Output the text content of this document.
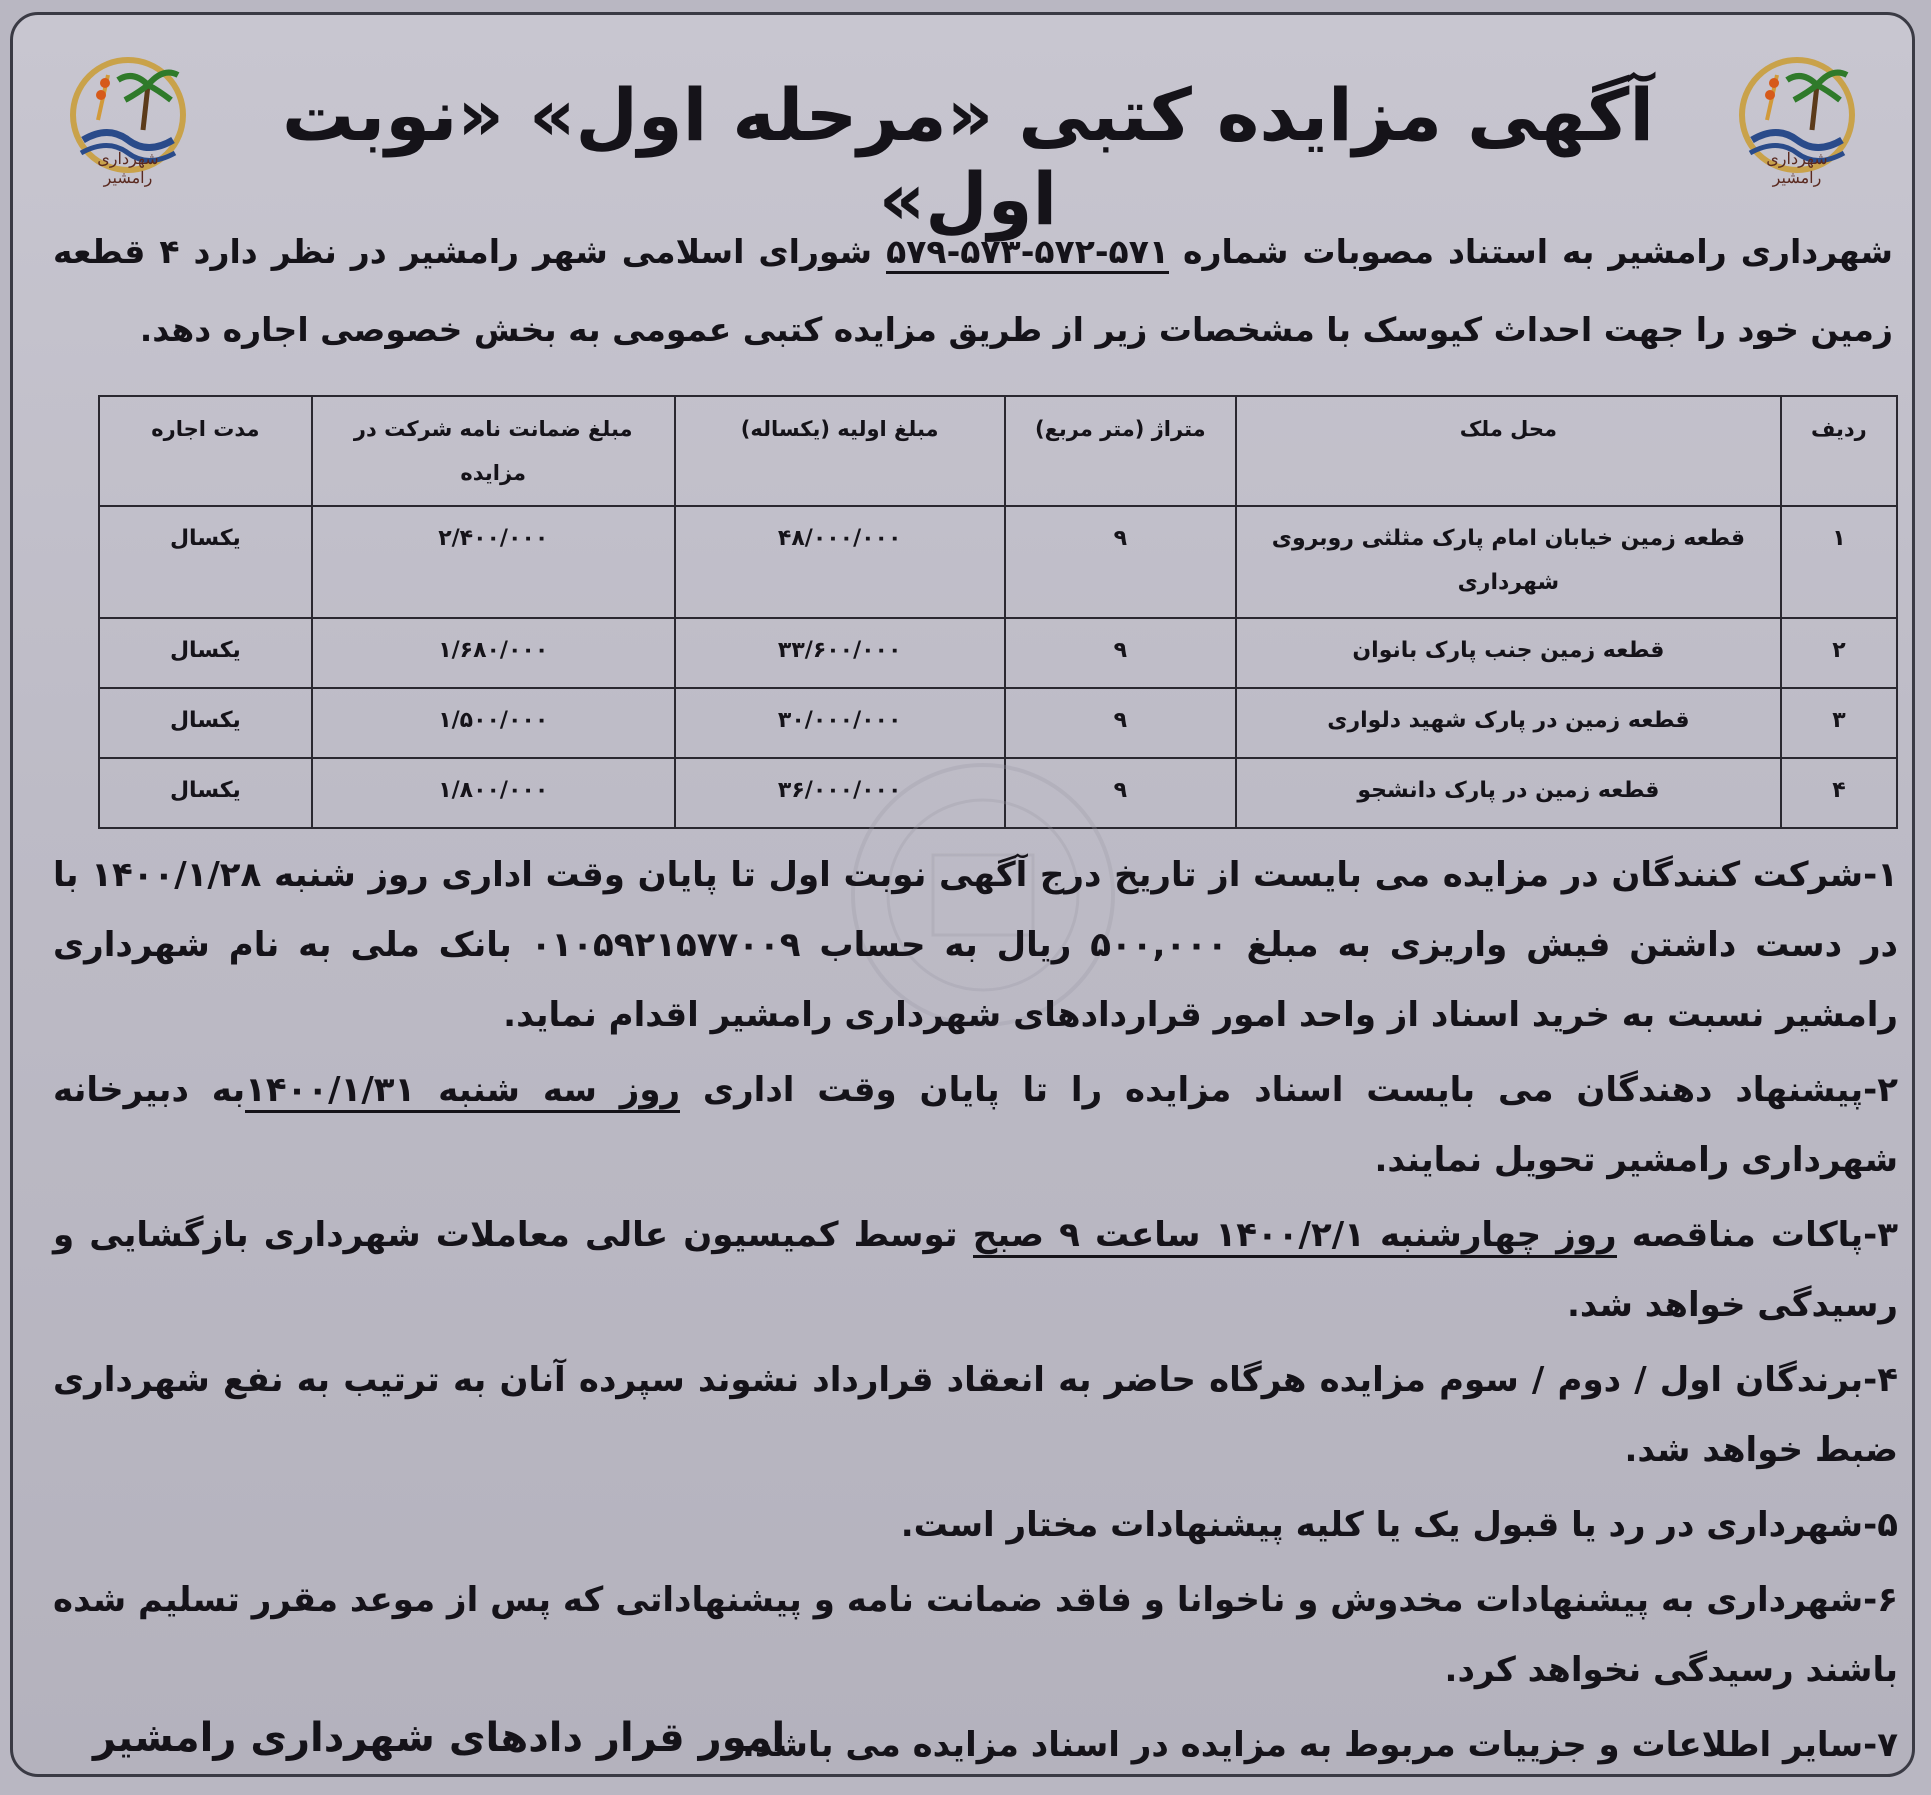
شهرداری رامشیر
شهرداری رامشیر
آگهی مزایده کتبی «مرحله اول» «نوبت اول»
شهرداری رامشیر به استناد مصوبات شماره ۵۷۱-۵۷۲-۵۷۳-۵۷۹ شورای اسلامی شهر رامشیر در نظر دارد ۴ قطعه زمین خود را جهت احداث کیوسک با مشخصات زیر از طریق مزایده کتبی عمومی به بخش خصوصی اجاره دهد.
ردیف	محل ملک	متراژ (متر مربع)	مبلغ اولیه (یکساله)	مبلغ ضمانت نامه شرکت در مزایده	مدت اجاره
۱	قطعه زمین خیابان امام پارک مثلثی روبروی شهرداری	۹	۴۸/۰۰۰/۰۰۰	۲/۴۰۰/۰۰۰	یکسال
۲	قطعه زمین جنب پارک بانوان	۹	۳۳/۶۰۰/۰۰۰	۱/۶۸۰/۰۰۰	یکسال
۳	قطعه زمین در پارک شهید دلواری	۹	۳۰/۰۰۰/۰۰۰	۱/۵۰۰/۰۰۰	یکسال
۴	قطعه زمین در پارک دانشجو	۹	۳۶/۰۰۰/۰۰۰	۱/۸۰۰/۰۰۰	یکسال

۱-شرکت کنندگان در مزایده می بایست از تاریخ درج آگهی نوبت اول تا پایان وقت اداری روز شنبه ۱۴۰۰/۱/۲۸ با در دست داشتن فیش واریزی به مبلغ ۵۰۰,۰۰۰ ریال به حساب ۰۱۰۵۹۲۱۵۷۷۰۰۹ بانک ملی به نام شهرداری رامشیر نسبت به خرید اسناد از واحد امور قراردادهای شهرداری رامشیر اقدام نماید.

۲-پیشنهاد دهندگان می بایست اسناد مزایده را تا پایان وقت اداری روز سه شنبه ۱۴۰۰/۱/۳۱به دبیرخانه شهرداری رامشیر تحویل نمایند.

۳-پاکات مناقصه روز چهارشنبه ۱۴۰۰/۲/۱ ساعت ۹ صبح توسط کمیسیون عالی معاملات شهرداری بازگشایی و رسیدگی خواهد شد.

۴-برندگان اول / دوم / سوم مزایده هرگاه حاضر به انعقاد قرارداد نشوند سپرده آنان به ترتیب به نفع شهرداری ضبط خواهد شد.

۵-شهرداری در رد یا قبول یک یا کلیه پیشنهادات مختار است.

۶-شهرداری به پیشنهادات مخدوش و ناخوانا و فاقد ضمانت نامه و پیشنهاداتی که پس از موعد مقرر تسلیم شده باشند رسیدگی نخواهد کرد.

۷-سایر اطلاعات و جزییات مربوط به مزایده در اسناد مزایده می باشد.

امور قرار دادهای شهرداری رامشیر
